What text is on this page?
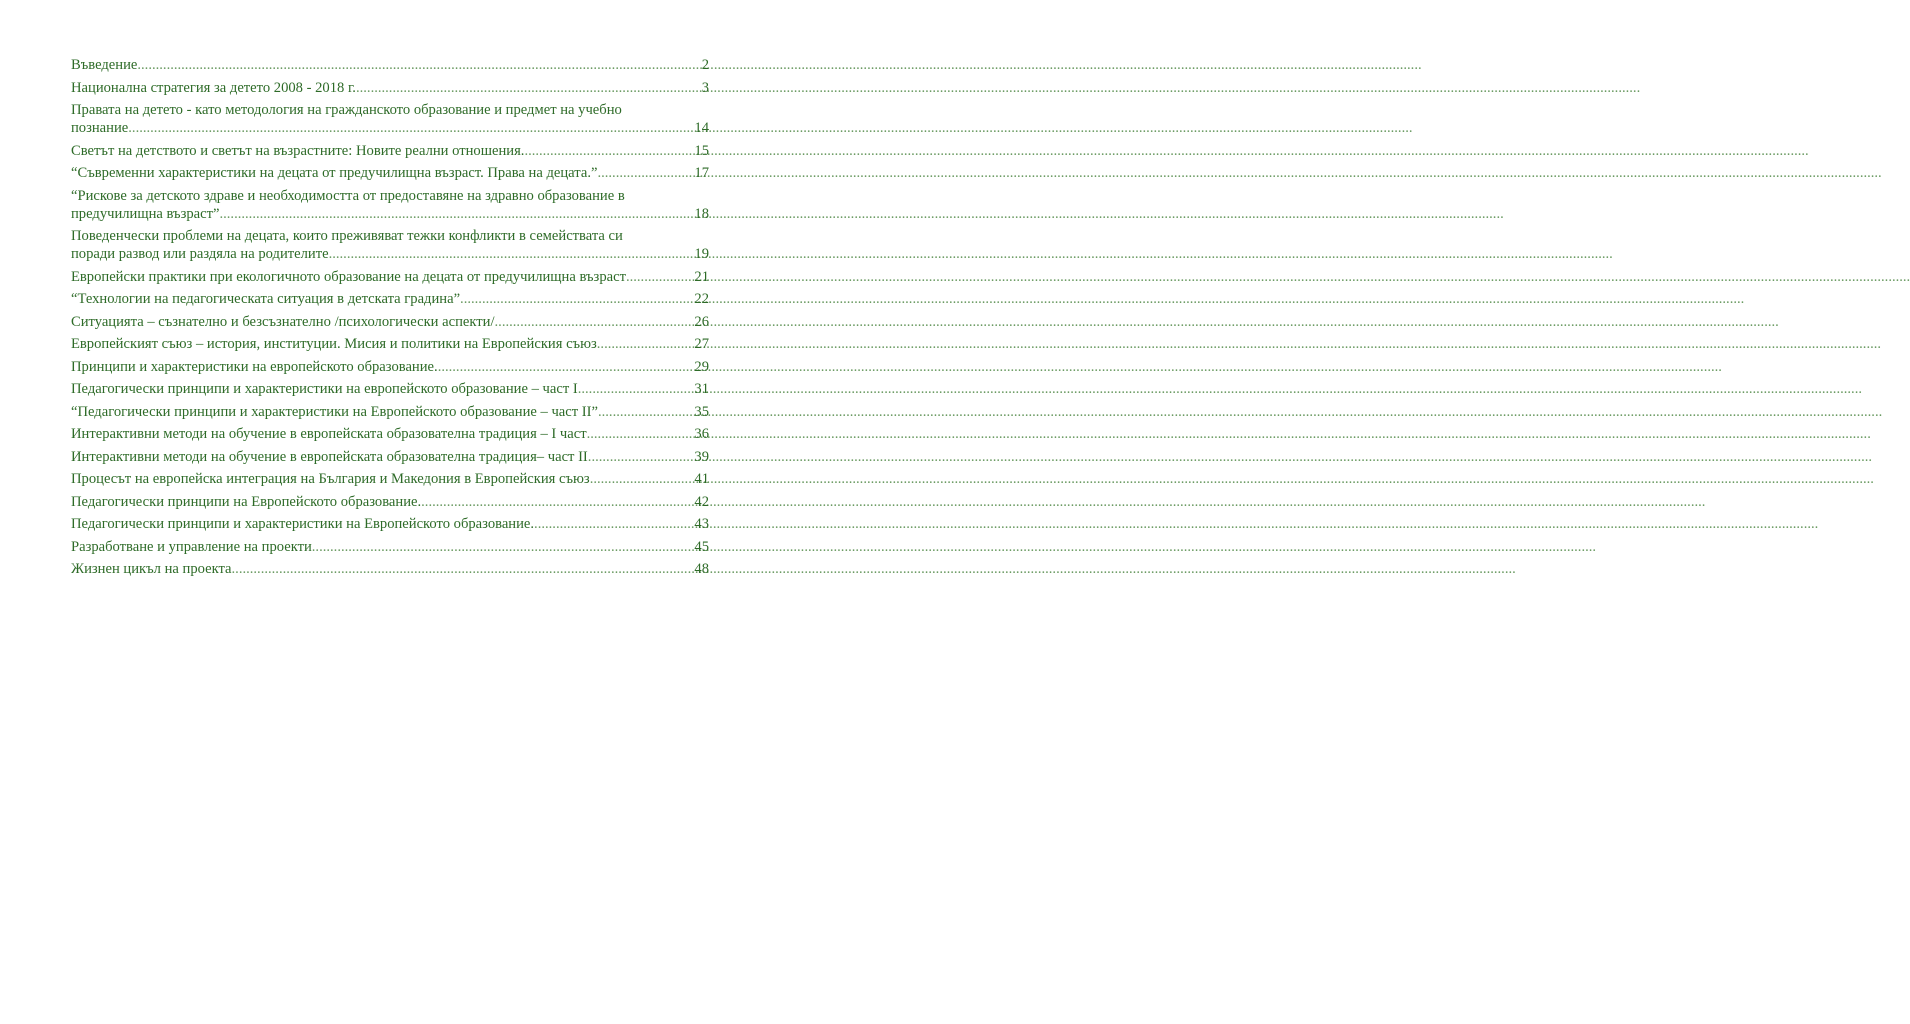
Въведение .....	2
Национална стратегия за детето 2008 - 2018 г. .....	3
Правата на детето - като методология на гражданското образование и предмет на учебно
познание .....	14
Светът на детството и светът на възрастните: Новите реални отношения. .....	15
“Съвременни характеристики на децата от предучилищна възраст. Права на децата.” .....	17
“Рискове за детското здраве и необходимостта от предоставяне на здравно образование в
предучилищна възраст” .....	18
Поведенчески проблеми на децата, които преживяват тежки конфликти в семействата си
поради развод или раздяла на родителите .....	19
Европейски практики при екологичното образование на децата от предучилищна възраст .....	21
“Технологии на педагогическата ситуация в детската градина” .....	22
Ситуацията – съзнателно и безсъзнателно /психологически аспекти/ .....	26
Европейският съюз – история, институции. Мисия и политики на Европейския съюз .....	27
Принципи и характеристики на европейското образование. .....	29
Педагогически принципи и характеристики на европейското образование – част I .....	31
“Педагогически принципи и характеристики на Европейското образование – част II” .....	35
Интерактивни методи на обучение в европейската образователна традиция – I част .....	36
Интерактивни методи на обучение в европейската образователна традиция– част II .....	39
Процесът на европейска интеграция на България и Македония в Европейския съюз .....	41
Педагогически принципи на Европейското образование. .....	42
Педагогически принципи и характеристики на Европейското образование. .....	43
Разработване и управление на проекти .....	45
Жизнен цикъл на проекта .....	48
